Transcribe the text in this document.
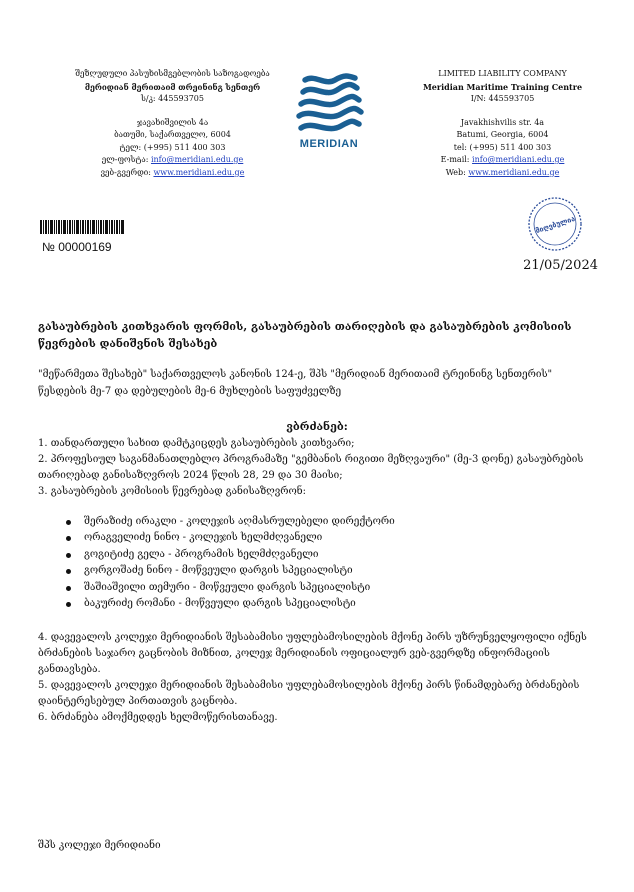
შეზღუდული პასუხისმგებლობის საზოგადოება
მერიდიან მერითაიმ თრეინინგ სენთერ
ს/კ: 445593705
ჯავახიშვილის 4ა
ბათუმი, საქართველო, 6004
ტელ: (+995) 511 400 303
ელ-ფოსტა: info@meridiani.edu.ge
ვებ-გვერდი: www.meridiani.edu.ge
MERIDIAN
LIMITED LIABILITY COMPANY
Meridian Maritime Training Centre
I/N: 445593705
Javakhishvilis str. 4a
Batumi, Georgia, 6004
tel: (+995) 511 400 303
E-mail: info@meridiani.edu.ge
Web: www.meridiani.edu.ge
№ 00000169
მიღებულია
21/05/2024
გასაუბრების კითხვარის ფორმის, გასაუბრების თარიღების და გასაუბრების კომისიის წევრების დანიშვნის შესახებ
"მეწარმეთა შესახებ" საქართველოს კანონის 124-ე, შპს "მერიდიან მერითაიმ ტრეინინგ სენთერის" წესდების მე-7 და დებულების მე-6 მუხლების საფუძველზე
ვბრძანებ:

1. თანდართული სახით დამტკიცდეს გასაუბრების კითხვარი;

2. პროფესიულ საგანმანათლებლო პროგრამაზე "გემბანის რიგითი მეზღვაური" (მე-3 დონე) გასაუბრების თარიღებად განისაზღვროს 2024 წლის 28, 29 და 30 მაისი;

3. გასაუბრების კომისიის წევრებად განისაზღვრონ:

შერაზიძე ირაკლი - კოლეჯის აღმასრულებელი დირექტორი
ორაგველიძე ნინო - კოლეჯის ხელმძღვანელი
გოგიტიძე გელა - პროგრამის ხელმძღვანელი
გორგოშაძე ნინო - მოწვეული დარგის სპეციალისტი
შაშიაშვილი თემური - მოწვეული დარგის სპეციალისტი
ბაკურიძე რომანი - მოწვეული დარგის სპეციალისტი

4. დავევალოს კოლეჯი მერიდიანის შესაბამისი უფლებამოსილების მქონე პირს უზრუნველყოფილი იქნეს ბრძანების საჯარო გაცნობის მიზნით, კოლეჯ მერიდიანის ოფიციალურ ვებ-გვერდზე ინფორმაციის განთავსება.

5. დავევალოს კოლეჯი მერიდიანის შესაბამისი უფლებამოსილების მქონე პირს წინამდებარე ბრძანების დაინტერესებულ პირთათვის გაცნობა.

6. ბრძანება ამოქმედდეს ხელმოწერისთანავე.

შპს კოლეჯი მერიდიანი
